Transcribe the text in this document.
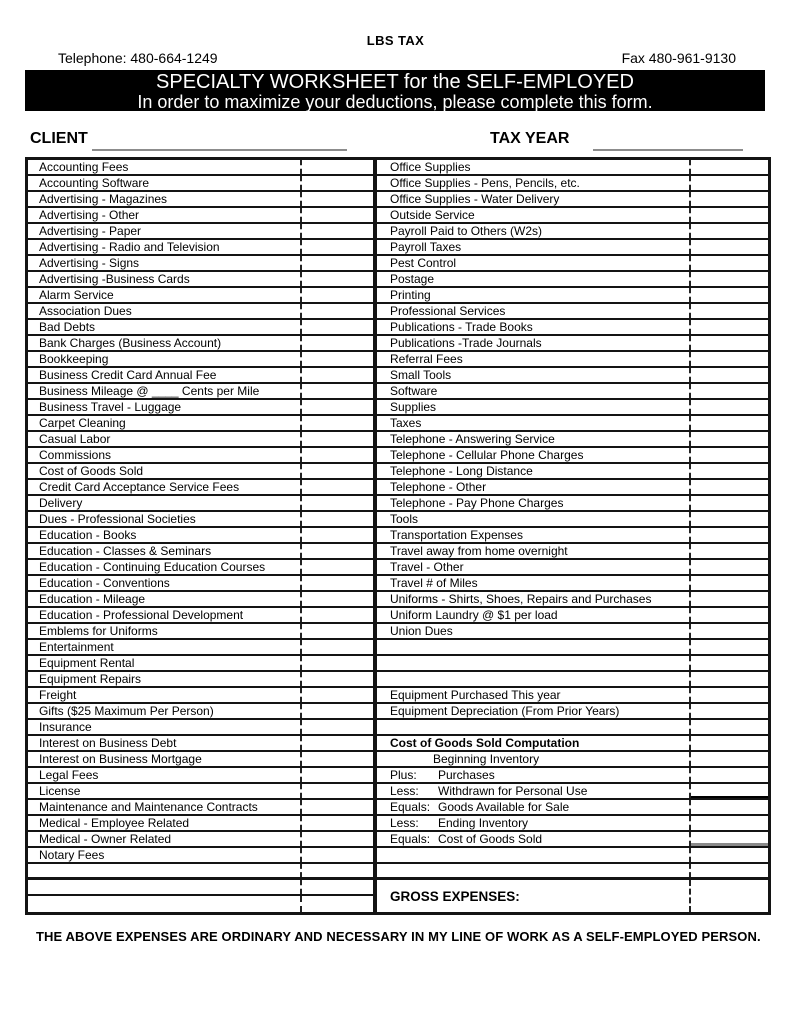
LBS TAX
Telephone: 480-664-1249	Fax 480-961-9130
SPECIALTY WORKSHEET for the SELF-EMPLOYED
In order to maximize your deductions, please complete this form.
CLIENT	TAX YEAR
Accounting Fees
Accounting Software
Advertising - Magazines
Advertising - Other
Advertising - Paper
Advertising - Radio and Television
Advertising - Signs
Advertising -Business Cards
Alarm Service
Association Dues
Bad Debts
Bank Charges (Business Account)
Bookkeeping
Business Credit Card Annual Fee
Business Mileage @ ____ Cents per Mile
Business Travel - Luggage
Carpet Cleaning
Casual Labor
Commissions
Cost of Goods Sold
Credit Card Acceptance Service Fees
Delivery
Dues - Professional Societies
Education - Books
Education - Classes & Seminars
Education - Continuing Education Courses
Education - Conventions
Education - Mileage
Education - Professional Development
Emblems for Uniforms
Entertainment
Equipment Rental
Equipment Repairs
Freight
Gifts ($25 Maximum Per Person)
Insurance
Interest on Business Debt
Interest on Business Mortgage
Legal Fees
License
Maintenance and Maintenance Contracts
Medical - Employee Related
Medical - Owner Related
Notary Fees
Office Supplies
Office Supplies - Pens, Pencils, etc.
Office Supplies - Water Delivery
Outside Service
Payroll Paid to Others (W2s)
Payroll Taxes
Pest Control
Postage
Printing
Professional Services
Publications - Trade Books
Publications -Trade Journals
Referral Fees
Small Tools
Software
Supplies
Taxes
Telephone - Answering Service
Telephone - Cellular Phone Charges
Telephone - Long Distance
Telephone - Other
Telephone - Pay Phone Charges
Tools
Transportation Expenses
Travel away from home overnight
Travel - Other
Travel # of Miles
Uniforms - Shirts, Shoes, Repairs and Purchases
Uniform Laundry @ $1 per load
Union Dues
Equipment Purchased This year
Equipment Depreciation (From Prior Years)
Cost of Goods Sold Computation
Beginning Inventory
Plus:	Purchases
Less:	Withdrawn for Personal Use
Equals: Goods Available for Sale
Less:	Ending Inventory
Equals: Cost of Goods Sold
GROSS EXPENSES:
THE ABOVE EXPENSES ARE ORDINARY AND NECESSARY IN MY LINE OF WORK AS A SELF-EMPLOYED PERSON.
